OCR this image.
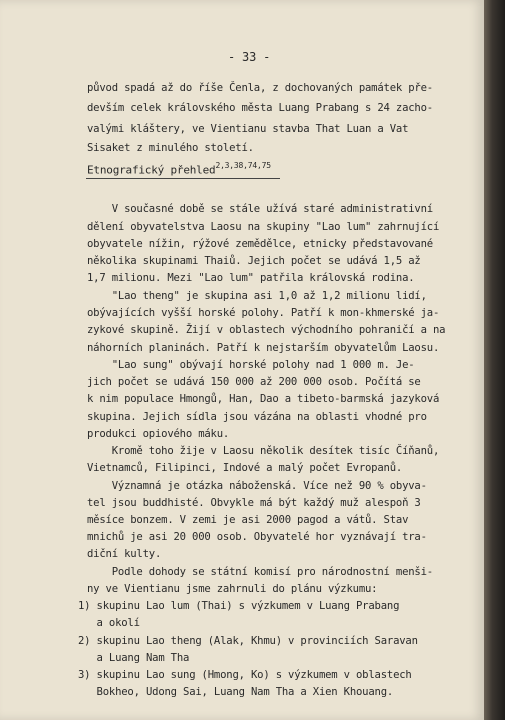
- 33 -
původ spadá až do říše Čenla, z dochovaných památek pře-
devším celek královského města Luang Prabang s 24 zacho-
valými kláštery, ve Vientianu stavba That Luan a Vat
Sisaket z minulého století.
Etnografický přehled$^{2,3,38,74,75}$
V současné době se stále užívá staré administrativní
dělení obyvatelstva Laosu na skupiny "Lao lum" zahrnující
obyvatele nížin, rýžové zemědělce, etnicky představované
několika skupinami Thaiů. Jejich počet se udává 1,5 až
1,7 milionu. Mezi "Lao lum" patřila královská rodina.
"Lao theng" je skupina asi 1,0 až 1,2 milionu lidí,
obývajících vyšší horské polohy. Patří k mon-khmerské ja-
zykové skupině. Žijí v oblastech východního pohraničí a na
náhorních planinách. Patří k nejstarším obyvatelům Laosu.
"Lao sung" obývají horské polohy nad 1 000 m. Je-
jich počet se udává 150 000 až 200 000 osob. Počítá se
k nim populace Hmongů, Han, Dao a tibeto-barmská jazyková
skupina. Jejich sídla jsou vázána na oblasti vhodné pro
produkci opiového máku.
Kromě toho žije v Laosu několik desítek tisíc Číňanů,
Vietnamců, Filipinci, Indové a malý počet Evropanů.
Významná je otázka náboženská. Více než 90 % obyva-
tel jsou buddhisté. Obvykle má být každý muž alespoň 3
měsíce bonzem. V zemi je asi 2000 pagod a vátů. Stav
mnichů je asi 20 000 osob. Obyvatelé hor vyznávají tra-
diční kulty.
Podle dohody se státní komisí pro národnostní menši-
ny ve Vientianu jsme zahrnuli do plánu výzkumu:
1) skupinu Lao lum (Thai) s výzkumem v Luang Prabang
a okolí
2) skupinu Lao theng (Alak, Khmu) v provinciích Saravan
a Luang Nam Tha
3) skupinu Lao sung (Hmong, Ko) s výzkumem v oblastech
Bokheo, Udong Sai, Luang Nam Tha a Xien Khouang.
